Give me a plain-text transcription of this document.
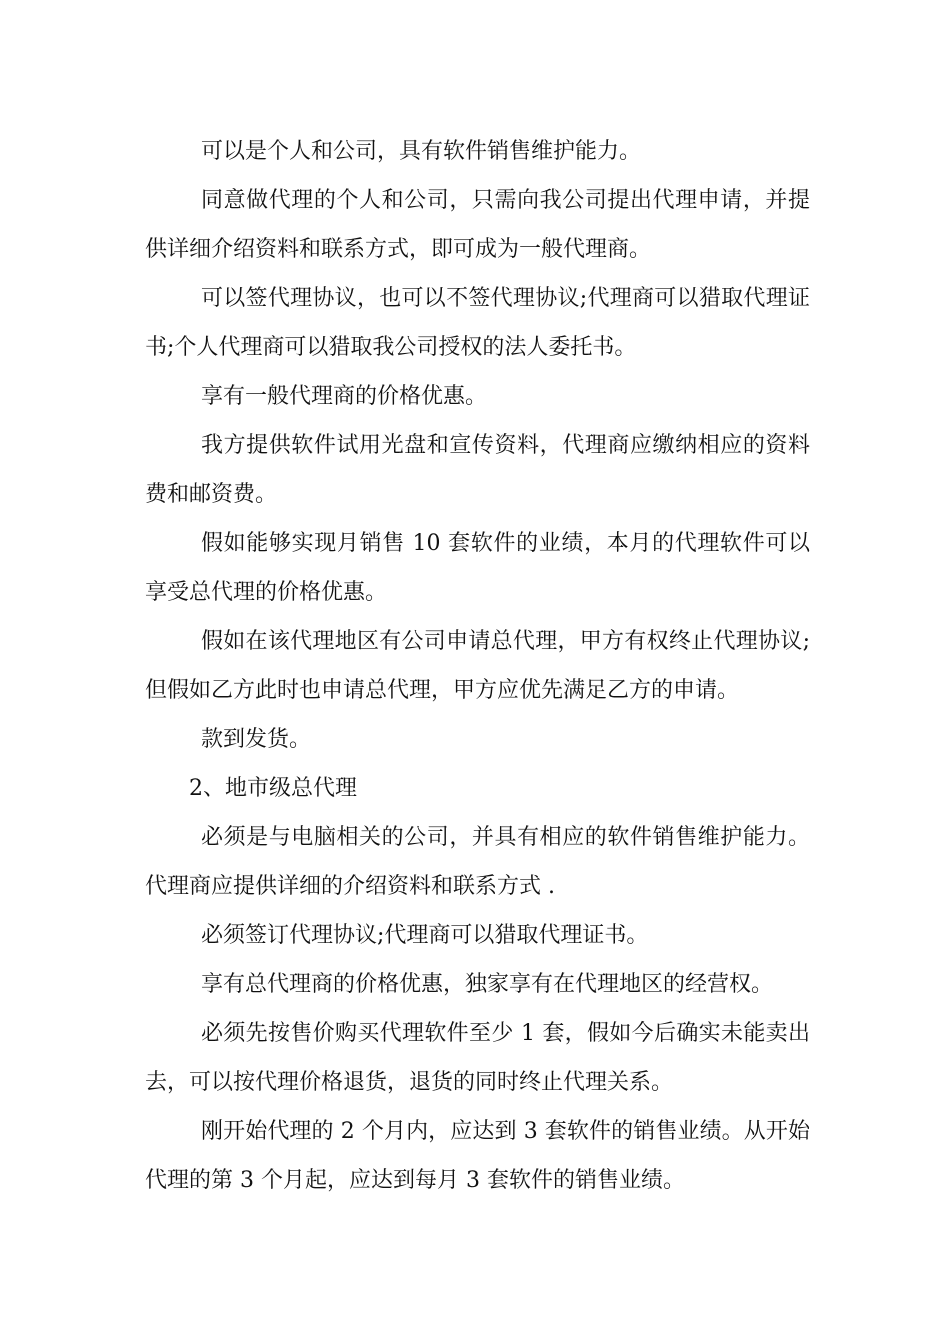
可以是个人和公司，具有软件销售维护能力。

同意做代理的个人和公司，只需向我公司提出代理申请，并提供详细介绍资料和联系方式，即可成为一般代理商。

可以签代理协议，也可以不签代理协议;代理商可以猎取代理证书;个人代理商可以猎取我公司授权的法人委托书。

享有一般代理商的价格优惠。

我方提供软件试用光盘和宣传资料，代理商应缴纳相应的资料费和邮资费。

假如能够实现月销售 10 套软件的业绩，本月的代理软件可以享受总代理的价格优惠。

假如在该代理地区有公司申请总代理，甲方有权终止代理协议;但假如乙方此时也申请总代理，甲方应优先满足乙方的申请。

款到发货。

2、地市级总代理

必须是与电脑相关的公司，并具有相应的软件销售维护能力。代理商应提供详细的介绍资料和联系方式 .

必须签订代理协议;代理商可以猎取代理证书。

享有总代理商的价格优惠，独家享有在代理地区的经营权。

必须先按售价购买代理软件至少 1 套，假如今后确实未能卖出去，可以按代理价格退货，退货的同时终止代理关系。

刚开始代理的 2 个月内，应达到 3 套软件的销售业绩。从开始代理的第 3 个月起，应达到每月 3 套软件的销售业绩。
